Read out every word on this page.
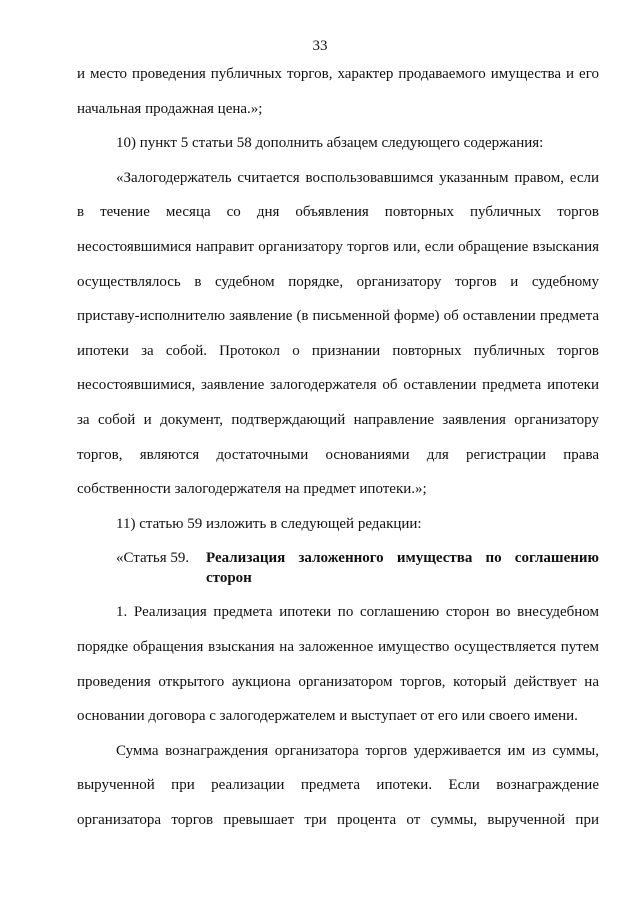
33

и место проведения публичных торгов, характер продаваемого имущества и его
начальная продажная цена.»;

10) пункт 5 статьи 58 дополнить абзацем следующего содержания:

«Залогодержатель считается воспользовавшимся указанным правом, если
в течение месяца со дня объявления повторных публичных торгов
несостоявшимися направит организатору торгов или, если обращение взыскания
осуществлялось в судебном порядке, организатору торгов и судебному
приставу-исполнителю заявление (в письменной форме) об оставлении предмета
ипотеки за собой. Протокол о признании повторных публичных торгов
несостоявшимися, заявление залогодержателя об оставлении предмета ипотеки
за собой и документ, подтверждающий направление заявления организатору
торгов, являются достаточными основаниями для регистрации права
собственности залогодержателя на предмет ипотеки.»;

11) статью 59 изложить в следующей редакции:

«Статья 59. Реализация заложенного имущества по соглашению
сторон

1. Реализация предмета ипотеки по соглашению сторон во внесудебном
порядке обращения взыскания на заложенное имущество осуществляется путем
проведения открытого аукциона организатором торгов, который действует на
основании договора с залогодержателем и выступает от его или своего имени.

Сумма вознаграждения организатора торгов удерживается им из суммы,
вырученной при реализации предмета ипотеки. Если вознаграждение
организатора торгов превышает три процента от суммы, вырученной при
